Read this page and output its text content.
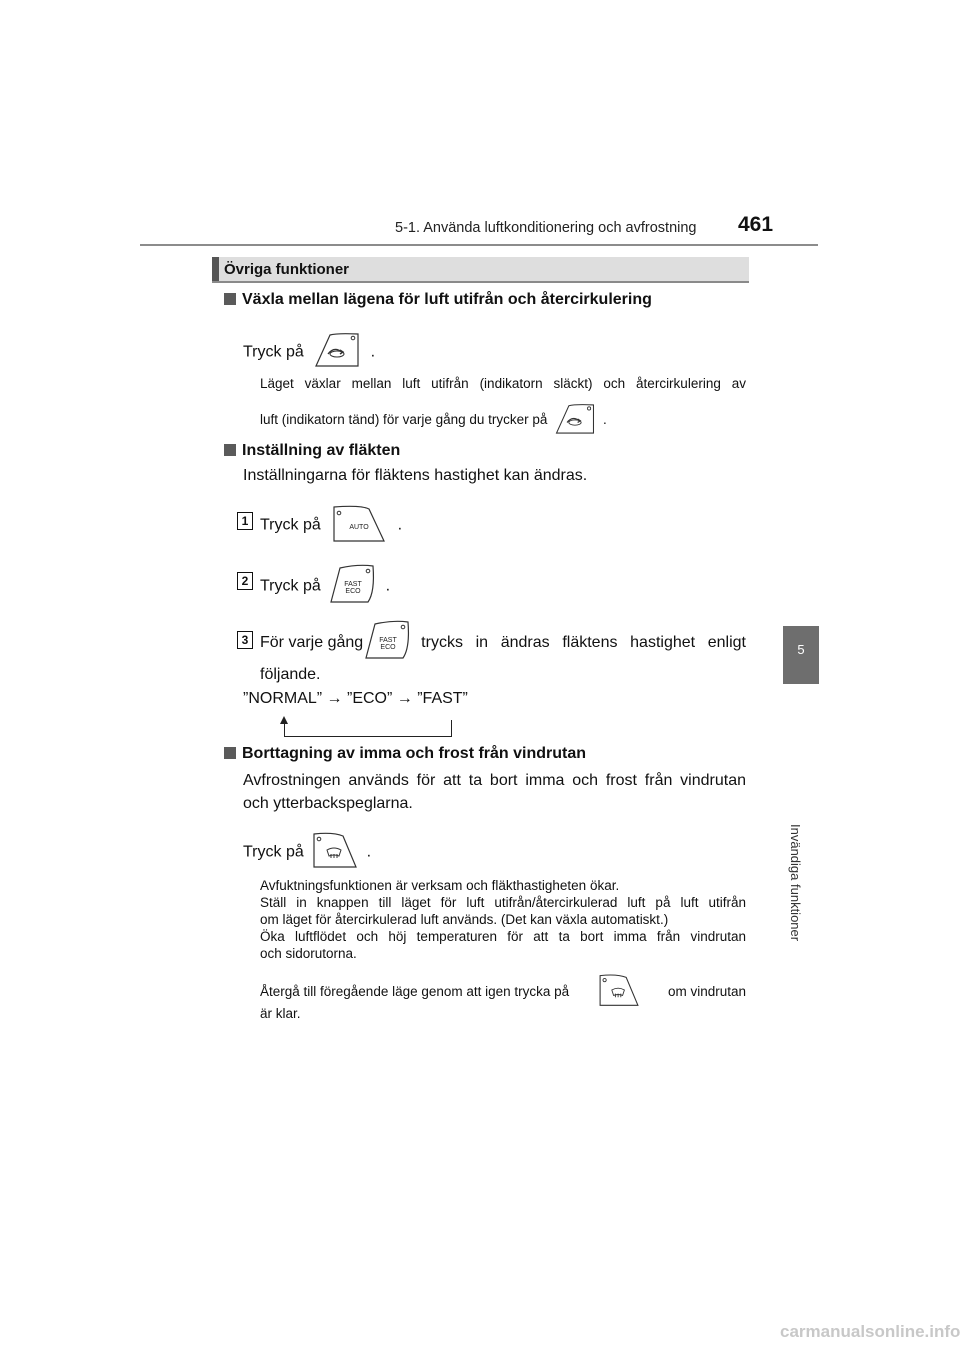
5-1. Använda luftkonditionering och avfrostning 461
5
Invändiga funktioner
Övriga funktioner
Växla mellan lägena för luft utifrån och återcirkulering
Tryck på	.
Läget växlar mellan luft utifrån (indikatorn släckt) och återcirkulering av
luft (indikatorn tänd) för varje gång du trycker på	.
Inställning av fläkten
Inställningarna för fläktens hastighet kan ändras.
1 Tryck på	AUTO .
2 Tryck på	FAST
ECO .
3 För varje gång FAST
ECO trycks in ändras fläktens hastighet enligt
följande.
”NORMAL” → ”ECO” → ”FAST”
Borttagning av imma och frost från vindrutan
Avfrostningen används för att ta bort imma och frost från vindrutan
och ytterbackspeglarna.
Tryck på	.
Avfuktningsfunktionen är verksam och fläkthastigheten ökar.
Ställ in knappen till läget för luft utifrån/återcirkulerad luft på luft utifrån
om läget för återcirkulerad luft används. (Det kan växla automatiskt.)
Öka luftflödet och höj temperaturen för att ta bort imma från vindrutan
och sidorutorna.
Återgå till föregående läge genom att igen trycka på	om vindrutan
är klar.
carmanualsonline.info
